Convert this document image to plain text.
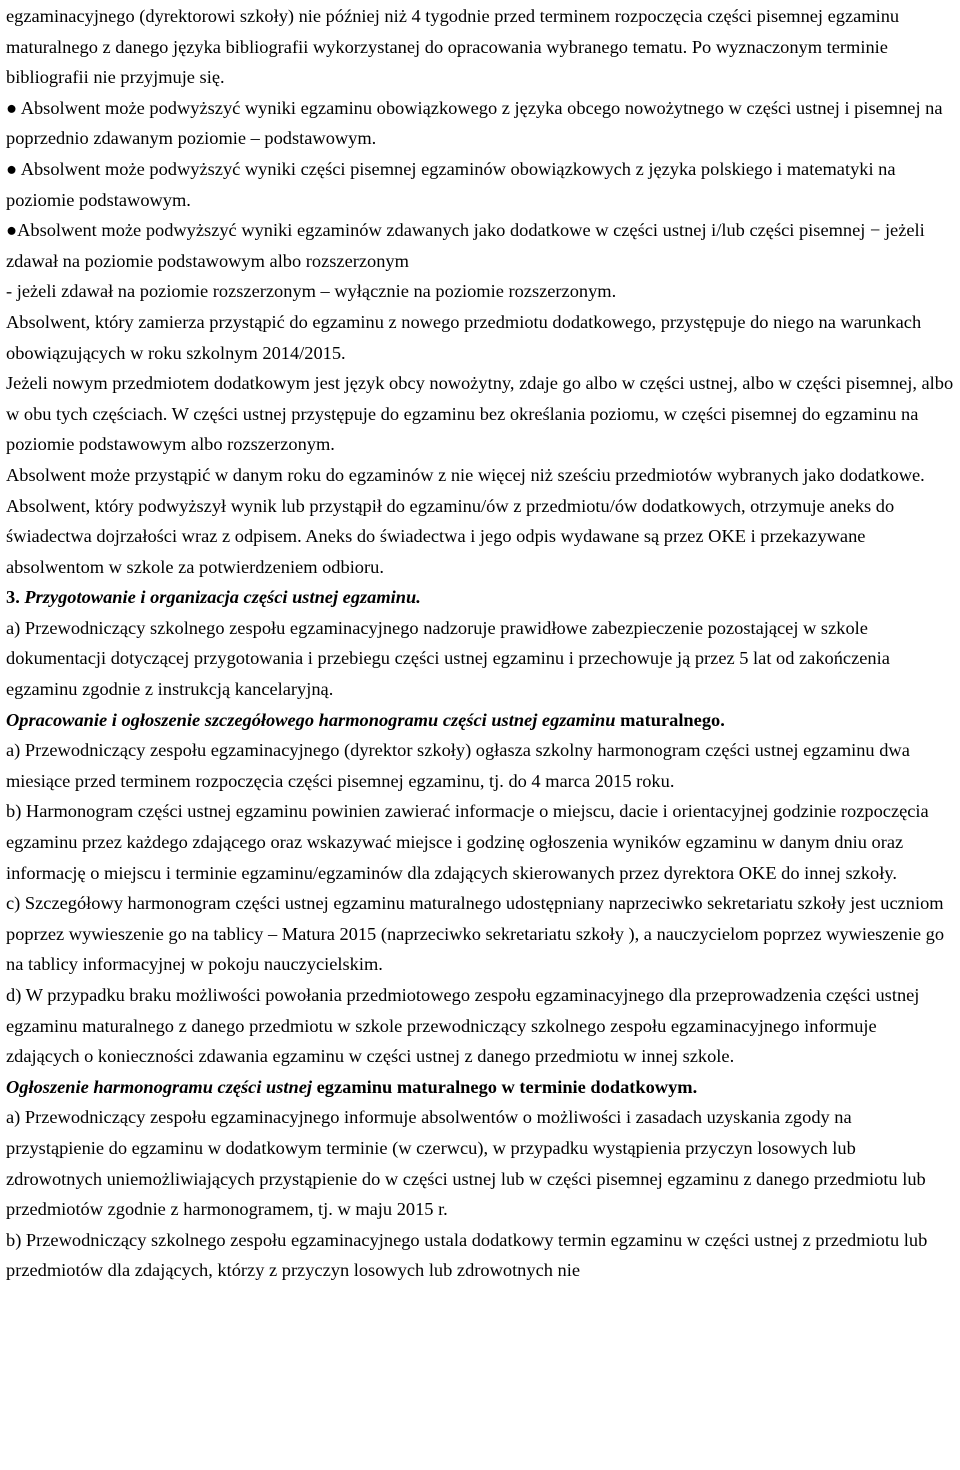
egzaminacyjnego (dyrektorowi szkoły) nie później niż 4 tygodnie przed terminem rozpoczęcia części pisemnej egzaminu maturalnego z danego języka bibliografii wykorzystanej do opracowania wybranego tematu. Po wyznaczonym terminie bibliografii nie przyjmuje się.

● Absolwent może podwyższyć wyniki egzaminu obowiązkowego z języka obcego nowożytnego w części ustnej i pisemnej na poprzednio zdawanym poziomie – podstawowym.

● Absolwent może podwyższyć wyniki części pisemnej egzaminów obowiązkowych z języka polskiego i matematyki na poziomie podstawowym.

●Absolwent może podwyższyć wyniki egzaminów zdawanych jako dodatkowe w części ustnej i/lub części pisemnej − jeżeli zdawał na poziomie podstawowym albo rozszerzonym

- jeżeli zdawał na poziomie rozszerzonym – wyłącznie na poziomie rozszerzonym.

Absolwent, który zamierza przystąpić do egzaminu z nowego przedmiotu dodatkowego, przystępuje do niego na warunkach obowiązujących w roku szkolnym 2014/2015.

Jeżeli nowym przedmiotem dodatkowym jest język obcy nowożytny, zdaje go albo w części ustnej, albo w części pisemnej, albo w obu tych częściach. W części ustnej przystępuje do egzaminu bez określania poziomu, w części pisemnej do egzaminu na poziomie podstawowym albo rozszerzonym.

Absolwent może przystąpić w danym roku do egzaminów z nie więcej niż sześciu przedmiotów wybranych jako dodatkowe.

Absolwent, który podwyższył wynik lub przystąpił do egzaminu/ów z przedmiotu/ów dodatkowych, otrzymuje aneks do świadectwa dojrzałości wraz z odpisem. Aneks do świadectwa i jego odpis wydawane są przez OKE i przekazywane absolwentom w szkole za potwierdzeniem odbioru.

3. Przygotowanie i organizacja części ustnej egzaminu.

a) Przewodniczący szkolnego zespołu egzaminacyjnego nadzoruje prawidłowe zabezpieczenie pozostającej w szkole dokumentacji dotyczącej przygotowania i przebiegu części ustnej egzaminu i przechowuje ją przez 5 lat od zakończenia egzaminu zgodnie z instrukcją kancelaryjną.

Opracowanie i ogłoszenie szczegółowego harmonogramu części ustnej egzaminu maturalnego.

a) Przewodniczący zespołu egzaminacyjnego (dyrektor szkoły) ogłasza szkolny harmonogram części ustnej egzaminu dwa miesiące przed terminem rozpoczęcia części pisemnej egzaminu, tj. do 4 marca 2015 roku.

b) Harmonogram części ustnej egzaminu powinien zawierać informacje o miejscu, dacie i orientacyjnej godzinie rozpoczęcia egzaminu przez każdego zdającego oraz wskazywać miejsce i godzinę ogłoszenia wyników egzaminu w danym dniu oraz informację o miejscu i terminie egzaminu/egzaminów dla zdających skierowanych przez dyrektora OKE do innej szkoły.

c) Szczegółowy harmonogram części ustnej egzaminu maturalnego udostępniany naprzeciwko sekretariatu szkoły jest uczniom poprzez wywieszenie go na tablicy – Matura 2015 (naprzeciwko sekretariatu szkoły ), a nauczycielom poprzez wywieszenie go na tablicy informacyjnej w pokoju nauczycielskim.

d) W przypadku braku możliwości powołania przedmiotowego zespołu egzaminacyjnego dla przeprowadzenia części ustnej egzaminu maturalnego z danego przedmiotu w szkole przewodniczący szkolnego zespołu egzaminacyjnego informuje zdających o konieczności zdawania egzaminu w części ustnej z danego przedmiotu w innej szkole.

Ogłoszenie harmonogramu części ustnej egzaminu maturalnego w terminie dodatkowym.

a) Przewodniczący zespołu egzaminacyjnego informuje absolwentów o możliwości i zasadach uzyskania zgody na przystąpienie do egzaminu w dodatkowym terminie (w czerwcu), w przypadku wystąpienia przyczyn losowych lub zdrowotnych uniemożliwiających przystąpienie do w części ustnej lub w części pisemnej egzaminu z danego przedmiotu lub przedmiotów zgodnie z harmonogramem, tj. w maju 2015 r.

b) Przewodniczący szkolnego zespołu egzaminacyjnego ustala dodatkowy termin egzaminu w części ustnej z przedmiotu lub przedmiotów dla zdających, którzy z przyczyn losowych lub zdrowotnych nie
